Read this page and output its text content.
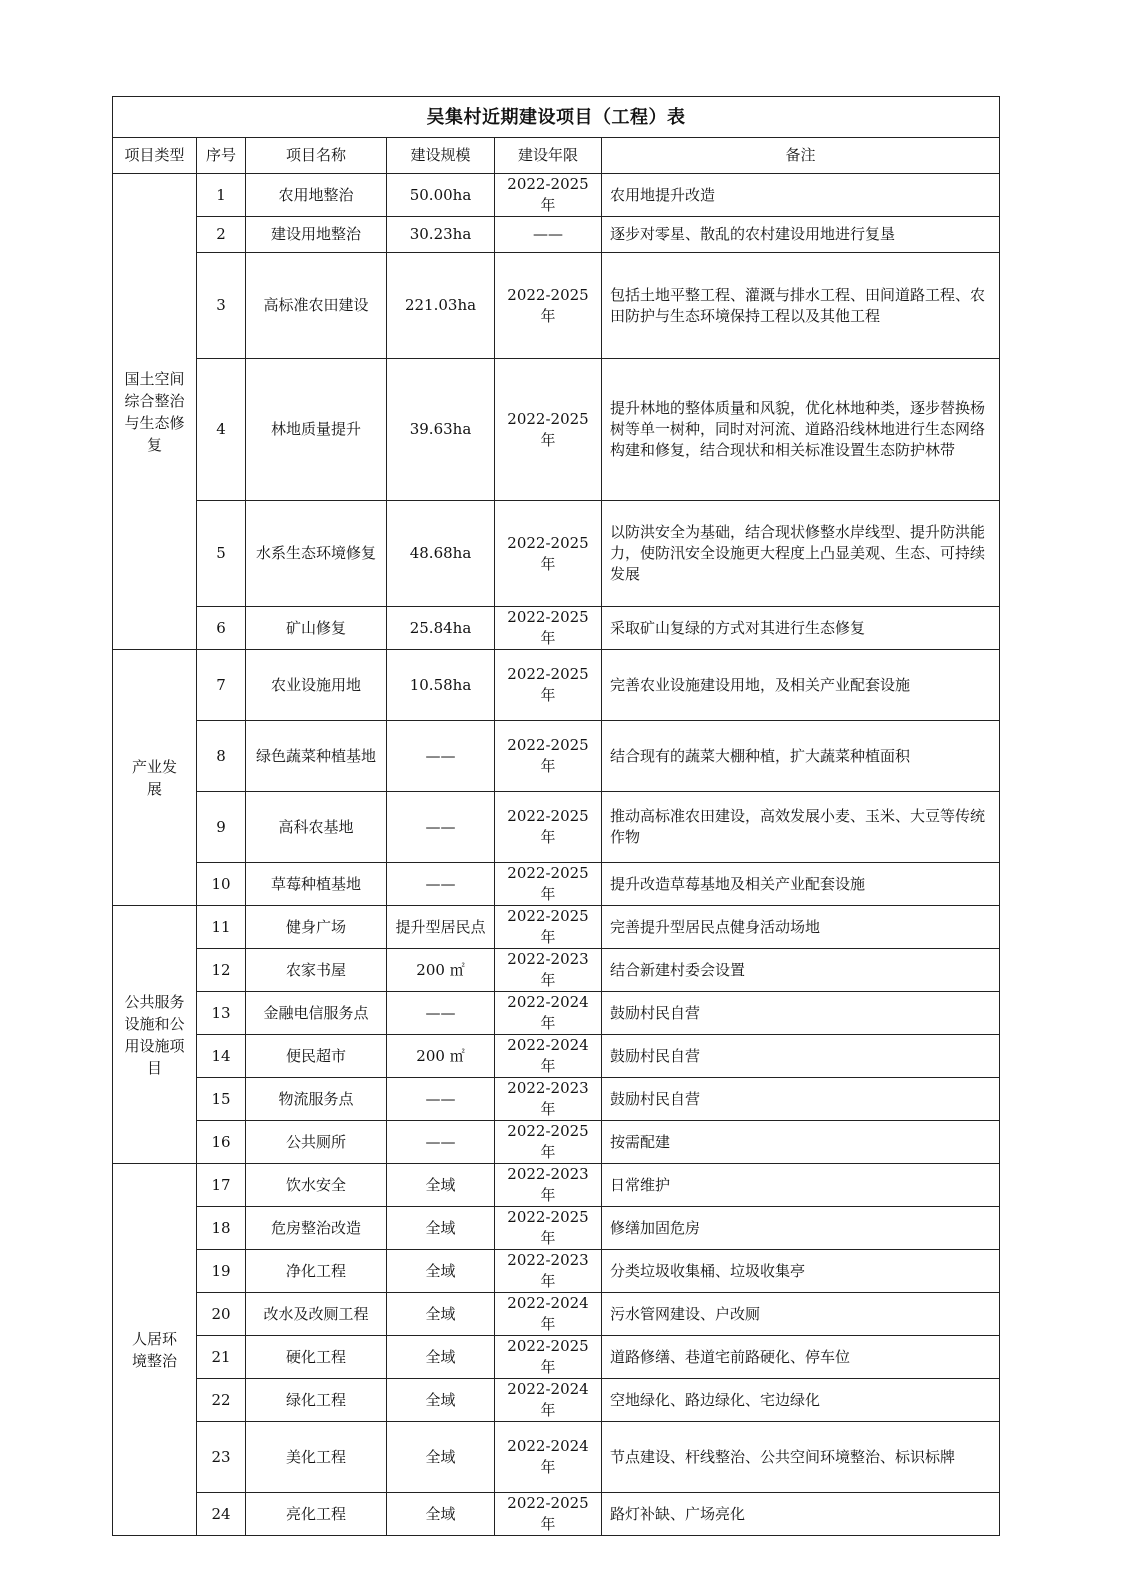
吴集村近期建设项目（工程）表					
项目类型	序号	项目名称	建设规模	建设年限	备注

国土空间综合整治与生态修复	1	农用地整治	50.00ha	2022-2025 年	农用地提升改造
	2	建设用地整治	30.23ha	——	逐步对零星、散乱的农村建设用地进行复垦
	3	高标准农田建设	221.03ha	2022-2025 年	包括土地平整工程、灌溉与排水工程、田间道路工程、农田防护与生态环境保持工程以及其他工程
	4	林地质量提升	39.63ha	2022-2025 年	提升林地的整体质量和风貌，优化林地种类，逐步替换杨树等单一树种，同时对河流、道路沿线林地进行生态网络构建和修复，结合现状和相关标准设置生态防护林带
	5	水系生态环境修复	48.68ha	2022-2025 年	以防洪安全为基础，结合现状修整水岸线型、提升防洪能力，使防汛安全设施更大程度上凸显美观、生态、可持续发展
	6	矿山修复	25.84ha	2022-2025 年	采取矿山复绿的方式对其进行生态修复

产业发展	7	农业设施用地	10.58ha	2022-2025 年	完善农业设施建设用地，及相关产业配套设施
	8	绿色蔬菜种植基地	——	2022-2025 年	结合现有的蔬菜大棚种植，扩大蔬菜种植面积
	9	高科农基地	——	2022-2025 年	推动高标准农田建设，高效发展小麦、玉米、大豆等传统作物
	10	草莓种植基地	——	2022-2025 年	提升改造草莓基地及相关产业配套设施

公共服务设施和公用设施项目	11	健身广场	提升型居民点	2022-2025 年	完善提升型居民点健身活动场地
	12	农家书屋	200 ㎡	2022-2023 年	结合新建村委会设置
	13	金融电信服务点	——	2022-2024 年	鼓励村民自营
	14	便民超市	200 ㎡	2022-2024 年	鼓励村民自营
	15	物流服务点	——	2022-2023 年	鼓励村民自营
	16	公共厕所	——	2022-2025 年	按需配建

人居环境整治	17	饮水安全	全域	2022-2023 年	日常维护
	18	危房整治改造	全域	2022-2025 年	修缮加固危房
	19	净化工程	全域	2022-2023 年	分类垃圾收集桶、垃圾收集亭
	20	改水及改厕工程	全域	2022-2024 年	污水管网建设、户改厕
	21	硬化工程	全域	2022-2025 年	道路修缮、巷道宅前路硬化、停车位
	22	绿化工程	全域	2022-2024 年	空地绿化、路边绿化、宅边绿化
	23	美化工程	全域	2022-2024 年	节点建设、杆线整治、公共空间环境整治、标识标牌
	24	亮化工程	全域	2022-2025 年	路灯补缺、广场亮化
